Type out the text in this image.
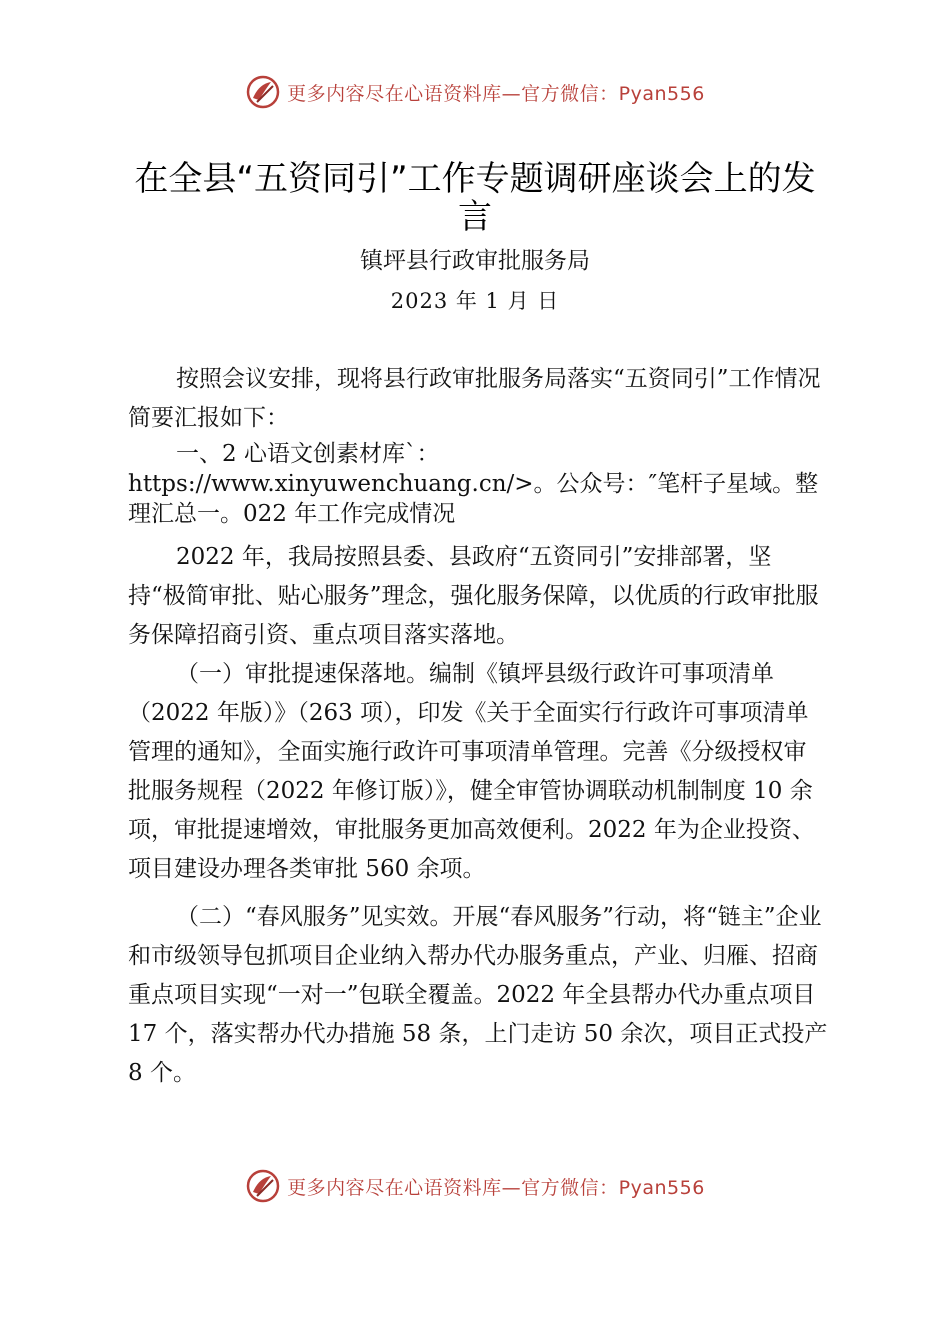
更多内容尽在心语资料库—官方微信：Pyan556
在全县“五资同引”工作专题调研座谈会上的发　言
镇坪县行政审批服务局
2023 年 1 月 日

按照会议安排，现将县行政审批服务局落实“五资同引”工作情况简要汇报如下：

一、2 心语文创素材库`：https://www.xinyuwenchuang.cn/>。公众号：″笔杆子星域。整理汇总一。022 年工作完成情况

2022 年，我局按照县委、县政府“五资同引”安排部署，坚持“极简审批、贴心服务”理念，强化服务保障，以优质的行政审批服务保障招商引资、重点项目落实落地。

（一）审批提速保落地。编制《镇坪县级行政许可事项清单（2022 年版）》（263 项），印发《关于全面实行行政许可事项清单管理的通知》，全面实施行政许可事项清单管理。完善《分级授权审批服务规程（2022 年修订版）》，健全审管协调联动机制制度 10 余项，审批提速增效，审批服务更加高效便利。2022 年为企业投资、项目建设办理各类审批 560 余项。

（二）“春风服务”见实效。开展“春风服务”行动，将“链主”企业和市级领导包抓项目企业纳入帮办代办服务重点，产业、归雁、招商重点项目实现“一对一”包联全覆盖。2022 年全县帮办代办重点项目 17 个，落实帮办代办措施 58 条，上门走访 50 余次，项目正式投产 8 个。

更多内容尽在心语资料库—官方微信：Pyan556
